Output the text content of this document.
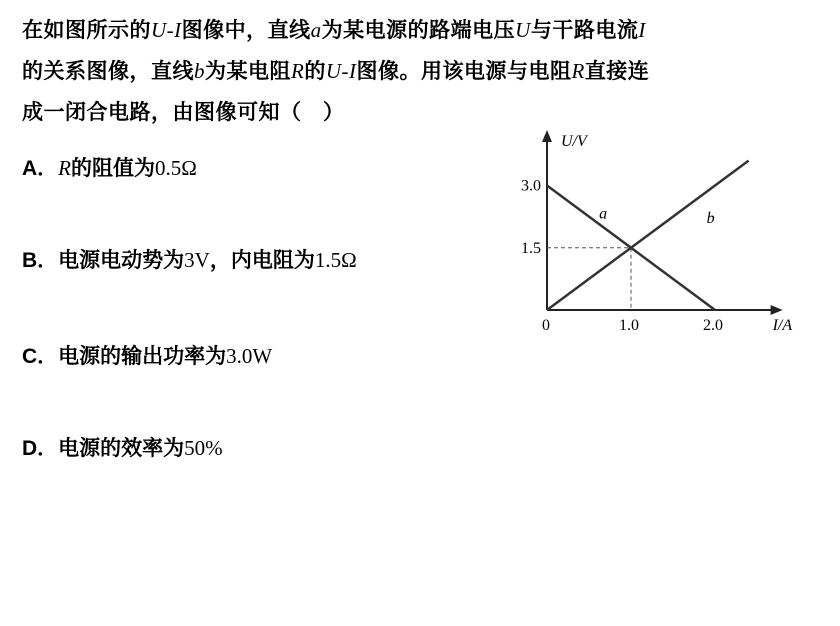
在如图所示的U-I图像中，直线a为某电源的路端电压U与干路电流I
的关系图像，直线b为某电阻R的U-I图像。用该电源与电阻R直接连
成一闭合电路，由图像可知（　）
A．R的阻值为0.5Ω
B．电源电动势为3V，内电阻为1.5Ω
C．电源的输出功率为3.0W
D．电源的效率为50%
a	b
3.0
1.5
1.0	2.0
0
U/V
I/A
